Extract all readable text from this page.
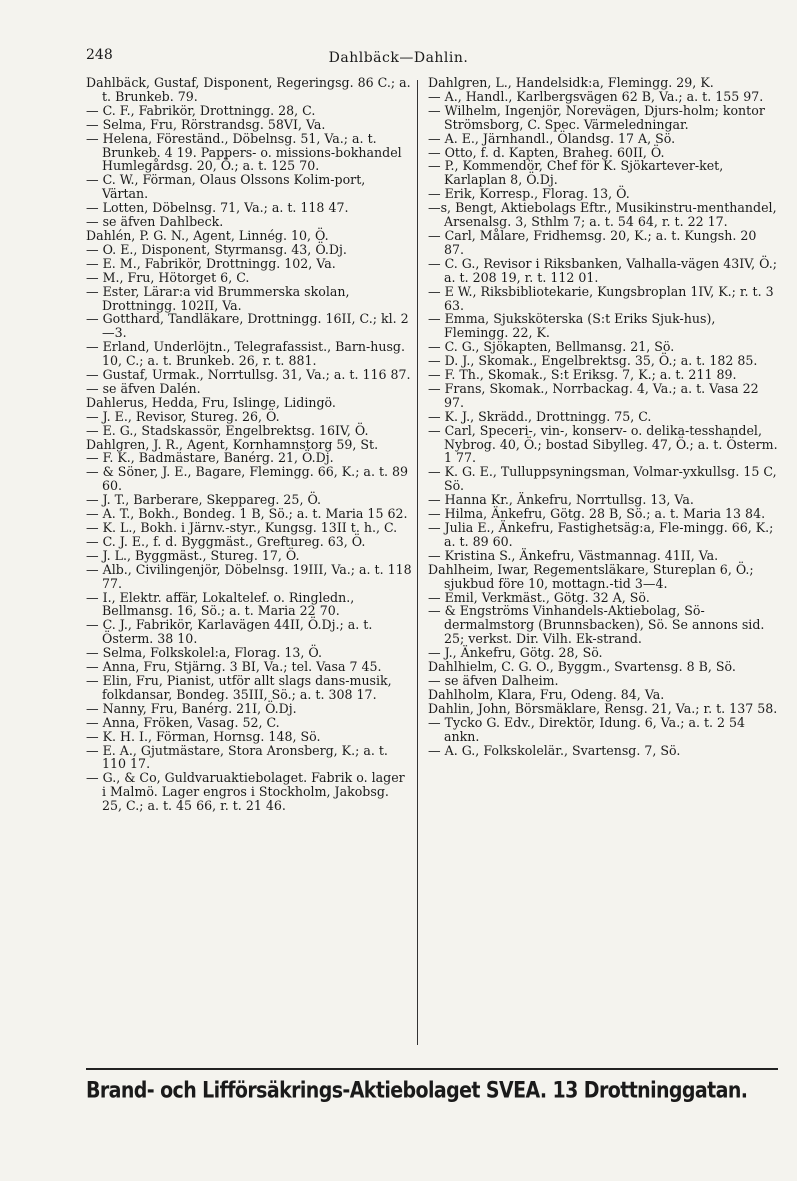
248	Dahlbäck—Dahlin.
Dahlbäck, Gustaf, Disponent, Regeringsg. 86 C.; a. t. Brunkeb. 79.
— C. F., Fabrikör, Drottningg. 28, C.
— Selma, Fru, Rörstrandsg. 58VI, Va.
— Helena, Föreständ., Döbelnsg. 51, Va.; a. t. Brunkeb. 4 19. Pappers- o. missions-bokhandel Humlegårdsg. 20, Ö.; a. t. 125 70.
— C. W., Förman, Olaus Olssons Kolim-port, Värtan.
— Lotten, Döbelnsg. 71, Va.; a. t. 118 47.
— se äfven Dahlbeck.
Dahlén, P. G. N., Agent, Linnég. 10, Ö.
— O. E., Disponent, Styrmansg. 43, Ö.Dj.
— E. M., Fabrikör, Drottningg. 102, Va.
— M., Fru, Hötorget 6, C.
— Ester, Lärar:a vid Brummerska skolan, Drottningg. 102II, Va.
— Gotthard, Tandläkare, Drottningg. 16II, C.; kl. 2—3.
— Erland, Underlöjtn., Telegrafassist., Barn-husg. 10, C.; a. t. Brunkeb. 26, r. t. 881.
— Gustaf, Urmak., Norrtullsg. 31, Va.; a. t. 116 87.
— se äfven Dalén.
Dahlerus, Hedda, Fru, Islinge, Lidingö.
— J. E., Revisor, Stureg. 26, Ö.
— E. G., Stadskassör, Engelbrektsg. 16IV, Ö.
Dahlgren, J. R., Agent, Kornhamnstorg 59, St.
— F. K., Badmästare, Banérg. 21, Ö.Dj.
— & Söner, J. E., Bagare, Flemingg. 66, K.; a. t. 89 60.
— J. T., Barberare, Skeppareg. 25, Ö.
— A. T., Bokh., Bondeg. 1 B, Sö.; a. t. Maria 15 62.
— K. L., Bokh. i Järnv.-styr., Kungsg. 13II t. h., C.
— C. J. E., f. d. Byggmäst., Greftureg. 63, Ö.
— J. L., Byggmäst., Stureg. 17, Ö.
— Alb., Civilingenjör, Döbelnsg. 19III, Va.; a. t. 118 77.
— I., Elektr. affär, Lokaltelef. o. Ringledn., Bellmansg. 16, Sö.; a. t. Maria 22 70.
— C. J., Fabrikör, Karlavägen 44II, Ö.Dj.; a. t. Österm. 38 10.
— Selma, Folkskolel:a, Florag. 13, Ö.
— Anna, Fru, Stjärng. 3 BI, Va.; tel. Vasa 7 45.
— Elin, Fru, Pianist, utför allt slags dans-musik, folkdansar, Bondeg. 35III, Sö.; a. t. 308 17.
— Nanny, Fru, Banérg. 21I, Ö.Dj.
— Anna, Fröken, Vasag. 52, C.
— K. H. I., Förman, Hornsg. 148, Sö.
— E. A., Gjutmästare, Stora Aronsberg, K.; a. t. 110 17.
— G., & Co, Guldvaruaktiebolaget. Fabrik o. lager i Malmö. Lager engros i Stockholm, Jakobsg. 25, C.; a. t. 45 66, r. t. 21 46.
Dahlgren, L., Handelsidk:a, Flemingg. 29, K.
— A., Handl., Karlbergsvägen 62 B, Va.; a. t. 155 97.
— Wilhelm, Ingenjör, Norevägen, Djurs-holm; kontor Strömsborg, C. Spec. Värmeledningar.
— A. E., Järnhandl., Ölandsg. 17 A, Sö.
— Otto, f. d. Kapten, Braheg. 60II, Ö.
— P., Kommendör, Chef för K. Sjökartever-ket, Karlaplan 8, Ö.Dj.
— Erik, Korresp., Florag. 13, Ö.
—s, Bengt, Aktiebolags Eftr., Musikinstru-menthandel, Arsenalsg. 3, Sthlm 7; a. t. 54 64, r. t. 22 17.
— Carl, Målare, Fridhemsg. 20, K.; a. t. Kungsh. 20 87.
— C. G., Revisor i Riksbanken, Valhalla-vägen 43IV, Ö.; a. t. 208 19, r. t. 112 01.
— E W., Riksbibliotekarie, Kungsbroplan 1IV, K.; r. t. 3 63.
— Emma, Sjuksköterska (S:t Eriks Sjuk-hus), Flemingg. 22, K.
— C. G., Sjökapten, Bellmansg. 21, Sö.
— D. J., Skomak., Engelbrektsg. 35, Ö.; a. t. 182 85.
— F. Th., Skomak., S:t Eriksg. 7, K.; a. t. 211 89.
— Frans, Skomak., Norrbackag. 4, Va.; a. t. Vasa 22 97.
— K. J., Skrädd., Drottningg. 75, C.
— Carl, Speceri-, vin-, konserv- o. delika-tesshandel, Nybrog. 40, Ö.; bostad Sibylleg. 47, Ö.; a. t. Österm. 1 77.
— K. G. E., Tulluppsyningsman, Volmar-yxkullsg. 15 C, Sö.
— Hanna Kr., Änkefru, Norrtullsg. 13, Va.
— Hilma, Änkefru, Götg. 28 B, Sö.; a. t. Maria 13 84.
— Julia E., Änkefru, Fastighetsäg:a, Fle-mingg. 66, K.; a. t. 89 60.
— Kristina S., Änkefru, Västmannag. 41II, Va.
Dahlheim, Iwar, Regementsläkare, Stureplan 6, Ö.; sjukbud före 10, mottagn.-tid 3—4.
— Emil, Verkmäst., Götg. 32 A, Sö.
— & Engströms Vinhandels-Aktiebolag, Sö-dermalmstorg (Brunnsbacken), Sö. Se annons sid. 25; verkst. Dir. Vilh. Ek-strand.
— J., Änkefru, Götg. 28, Sö.
Dahlhielm, C. G. O., Byggm., Svartensg. 8 B, Sö.
— se äfven Dalheim.
Dahlholm, Klara, Fru, Odeng. 84, Va.
Dahlin, John, Börsmäklare, Rensg. 21, Va.; r. t. 137 58.
— Tycko G. Edv., Direktör, Idung. 6, Va.; a. t. 2 54 ankn.
— A. G., Folkskolelär., Svartensg. 7, Sö.
Brand- och Lifförsäkrings-Aktiebolaget SVEA. 13 Drottninggatan.
